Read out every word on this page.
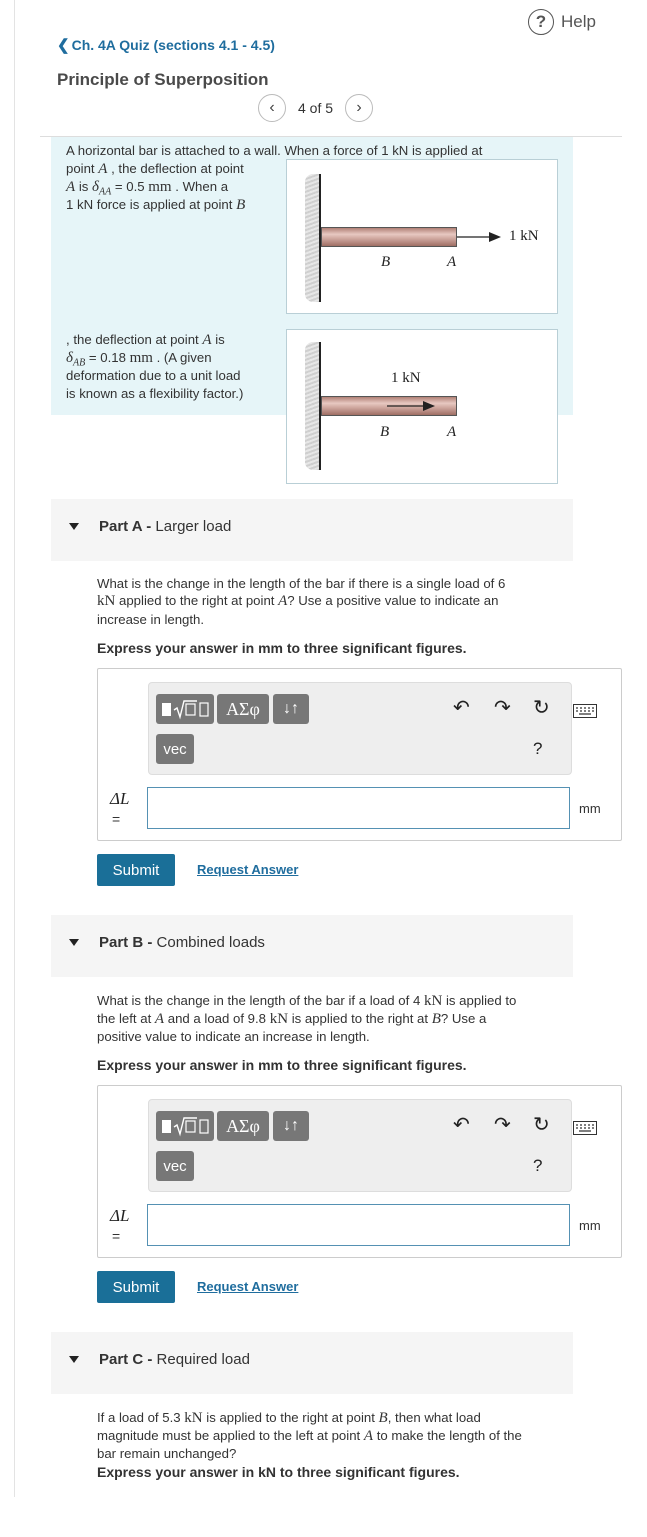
? Help
❮ Ch. 4A Quiz (sections 4.1 - 4.5)
Principle of Superposition
‹ 4 of 5 ›
A horizontal bar is attached to a wall. When a force of 1 kN is applied at
point A , the deflection at point
A is $\delta_{AA} = 0.5$ mm . When a
1 kN force is applied at point B
, the deflection at point A is
$\delta_{AB} = 0.18$ mm . (A given
deformation due to a unit load
is known as a flexibility factor.)
1 kN
B	A
1 kN
B	A
Part A - Larger load
What is the change in the length of the bar if there is a single load of 6
kN applied to the right at point A? Use a positive value to indicate an
increase in length.
Express your answer in mm to three significant figures.
ΑΣφ	↓↑	↶ ↷ ↻
vec	?
ΔL
=
mm
Submit	Request Answer
Part B - Combined loads
What is the change in the length of the bar if a load of 4 kN is applied to
the left at A and a load of 9.8 kN is applied to the right at B? Use a
positive value to indicate an increase in length.
Express your answer in mm to three significant figures.
ΑΣφ	↓↑	↶ ↷ ↻
vec	?
ΔL
=
mm
Submit	Request Answer
Part C - Required load
If a load of 5.3 kN is applied to the right at point B, then what load
magnitude must be applied to the left at point A to make the length of the
bar remain unchanged?
Express your answer in kN to three significant figures.
